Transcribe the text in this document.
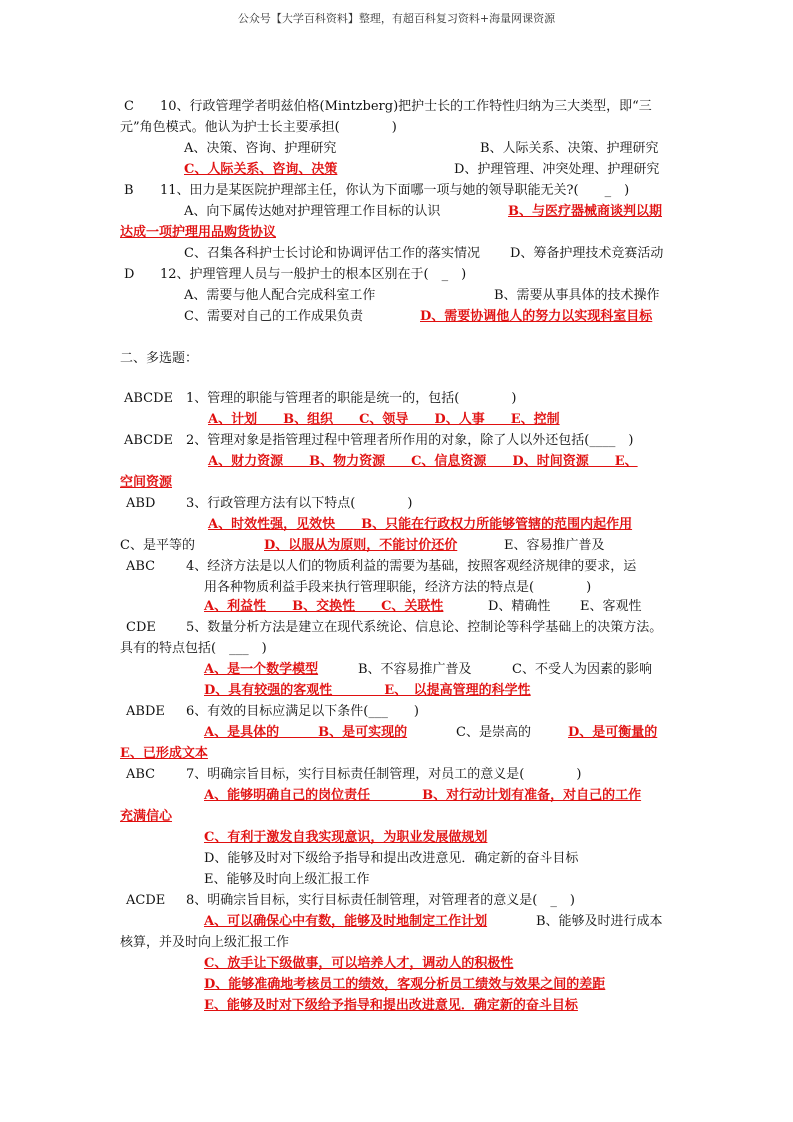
公众号【大学百科资料】整理，有超百科复习资料+海量网课资源
C 10、行政管理学者明兹伯格(Mintzberg)把护士长的工作特性归纳为三大类型，即“三
元”角色模式。他认为护士长主要承担(　　　　)
A、决策、咨询、护理研究	B、人际关系、决策、护理研究
C、人际关系、咨询、决策	D、护理管理、冲突处理、护理研究
B 11、田力是某医院护理部主任，你认为下面哪一项与她的领导职能无关?(　　_　)
A、向下属传达她对护理管理工作目标的认识	B、与医疗器械商谈判以期
达成一项护理用品购货协议
C、召集各科护士长讨论和协调评估工作的落实情况 D、筹备护理技术竞赛活动
D 12、护理管理人员与一般护士的根本区别在于(　_　)
A、需要与他人配合完成科室工作	B、需要从事具体的技术操作
C、需要对自己的工作成果负责	D、需要协调他人的努力以实现科室目标
二、多选题：
ABCDE 1、管理的职能与管理者的职能是统一的，包括(　　　　)
A、计划　　B、组织　　C、领导　　D、人事　　E、控制
ABCDE 2、管理对象是指管理过程中管理者所作用的对象，除了人以外还包括(____　)
A、财力资源　　B、物力资源　　C、信息资源　　D、时间资源　　E、
空间资源
ABD 3、行政管理方法有以下特点(　　　　)
A、时效性强，见效快　　B、只能在行政权力所能够管辖的范围内起作用
C、是平等的	D、以服从为原则，不能讨价还价	E、容易推广普及
ABC 4、经济方法是以人们的物质利益的需要为基础，按照客观经济规律的要求，运
用各种物质利益手段来执行管理职能，经济方法的特点是(　　　　)
A、利益性　　B、交换性　　C、关联性	D、精确性 E、客观性
CDE 5、数量分析方法是建立在现代系统论、信息论、控制论等科学基础上的决策方法。
具有的特点包括(　___　)
A、是一个数学模型	B、不容易推广普及	C、不受人为因素的影响
D、具有较强的客观性　　　　E、　以提高管理的科学性
ABDE 6、有效的目标应满足以下条件(___　　)
A、是具体的　　　B、是可实现的	C、是崇高的	D、是可衡量的
E、已形成文本
ABC 7、明确宗旨目标，实行目标责任制管理，对员工的意义是(　　　　)
A、能够明确自己的岗位责任　　　　B、对行动计划有准备，对自己的工作
充满信心
C、有利于激发自我实现意识，为职业发展做规划
D、能够及时对下级给予指导和提出改进意见．确定新的奋斗目标
E、能够及时向上级汇报工作
ACDE 8、明确宗旨目标，实行目标责任制管理，对管理者的意义是(　_　)
A、可以确保心中有数，能够及时地制定工作计划	B、能够及时进行成本
核算，并及时向上级汇报工作
C、放手让下级做事，可以培养人才，调动人的积极性
D、能够准确地考核员工的绩效，客观分析员工绩效与效果之间的差距
E、能够及时对下级给予指导和提出改进意见．确定新的奋斗目标
